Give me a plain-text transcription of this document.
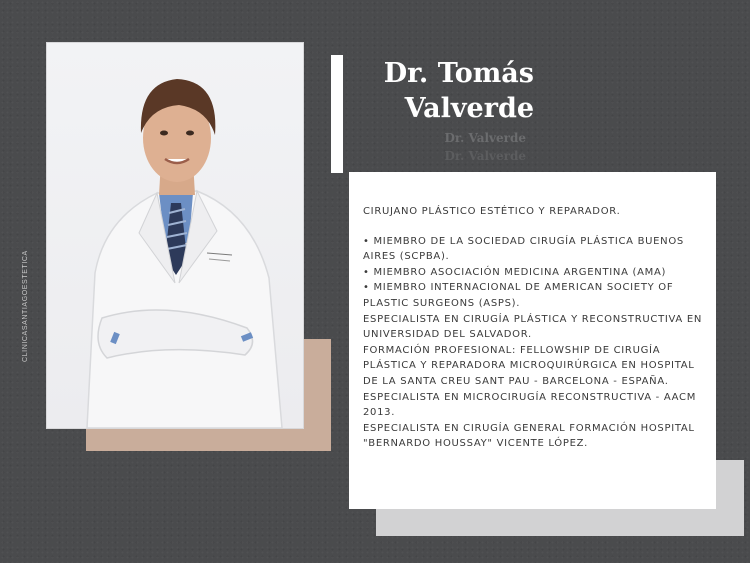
CLINICASANTIAGOESTETICA
Dr. Tomás
Valverde
Dr. Valverde
Dr. Valverde

CIRUJANO PLÁSTICO ESTÉTICO Y REPARADOR.

• MIEMBRO DE LA SOCIEDAD CIRUGÍA PLÁSTICA BUENOS AIRES (SCPBA).

• MIEMBRO ASOCIACIÓN MEDICINA ARGENTINA (AMA)

• MIEMBRO INTERNACIONAL DE AMERICAN SOCIETY OF PLASTIC SURGEONS (ASPS).

ESPECIALISTA EN CIRUGÍA PLÁSTICA Y RECONSTRUCTIVA EN UNIVERSIDAD DEL SALVADOR.

FORMACIÓN PROFESIONAL: FELLOWSHIP DE CIRUGÍA PLÁSTICA Y REPARADORA MICROQUIRÚRGICA EN HOSPITAL DE LA SANTA CREU SANT PAU - BARCELONA - ESPAÑA.

ESPECIALISTA EN MICROCIRUGÍA RECONSTRUCTIVA - AACM 2013.

ESPECIALISTA EN CIRUGÍA GENERAL FORMACIÓN HOSPITAL "BERNARDO HOUSSAY" VICENTE LÓPEZ.
